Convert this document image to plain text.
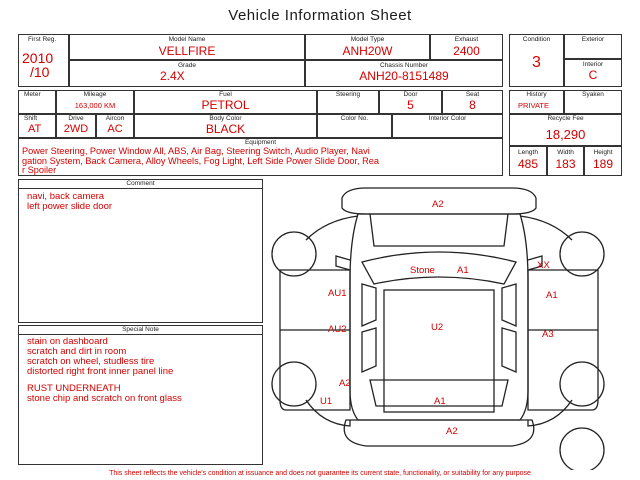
Vehicle Information Sheet
First Reg.
2010
/10
Model Name
VELLFIRE
Model Type
ANH20W
Exhaust
2400
Grade
2.4X
Chassis Number
ANH20-8151489
Condition
3
Exterior
Interior
C
Meter	Mileage
163,000 KM
Fuel
PETROL
Steering	Door
5
Seat
8
History
PRIVATE
Syaken
Shift
AT
Drive
2WD
Aircon
AC
Body Color
BLACK
Color No.	Interior Color	Recycle Fee
18,290
Equipment
Power Steering, Power Window All, ABS, Air Bag, Steering Switch, Audio Player, Navi
gation System, Back Camera, Alloy Wheels, Fog Light, Left Side Power Slide Door, Rea
r Spoiler
Length
485
Width
183
Height
189
Comment
navi, back camera
left power slide door
Special Note
stain on dashboard
scratch and dirt in room
scratch on wheel, studless tire
distorted right front inner panel line
RUST UNDERNEATH
stone chip and scratch on front glass
A2
Stone A1	XX
AU1	A1
AU2	U2
A3
A2
U1	A1
A2
This sheet reflects the vehicle's condition at issuance and does not guarantee its current state, functionality, or suitability for any purpose
